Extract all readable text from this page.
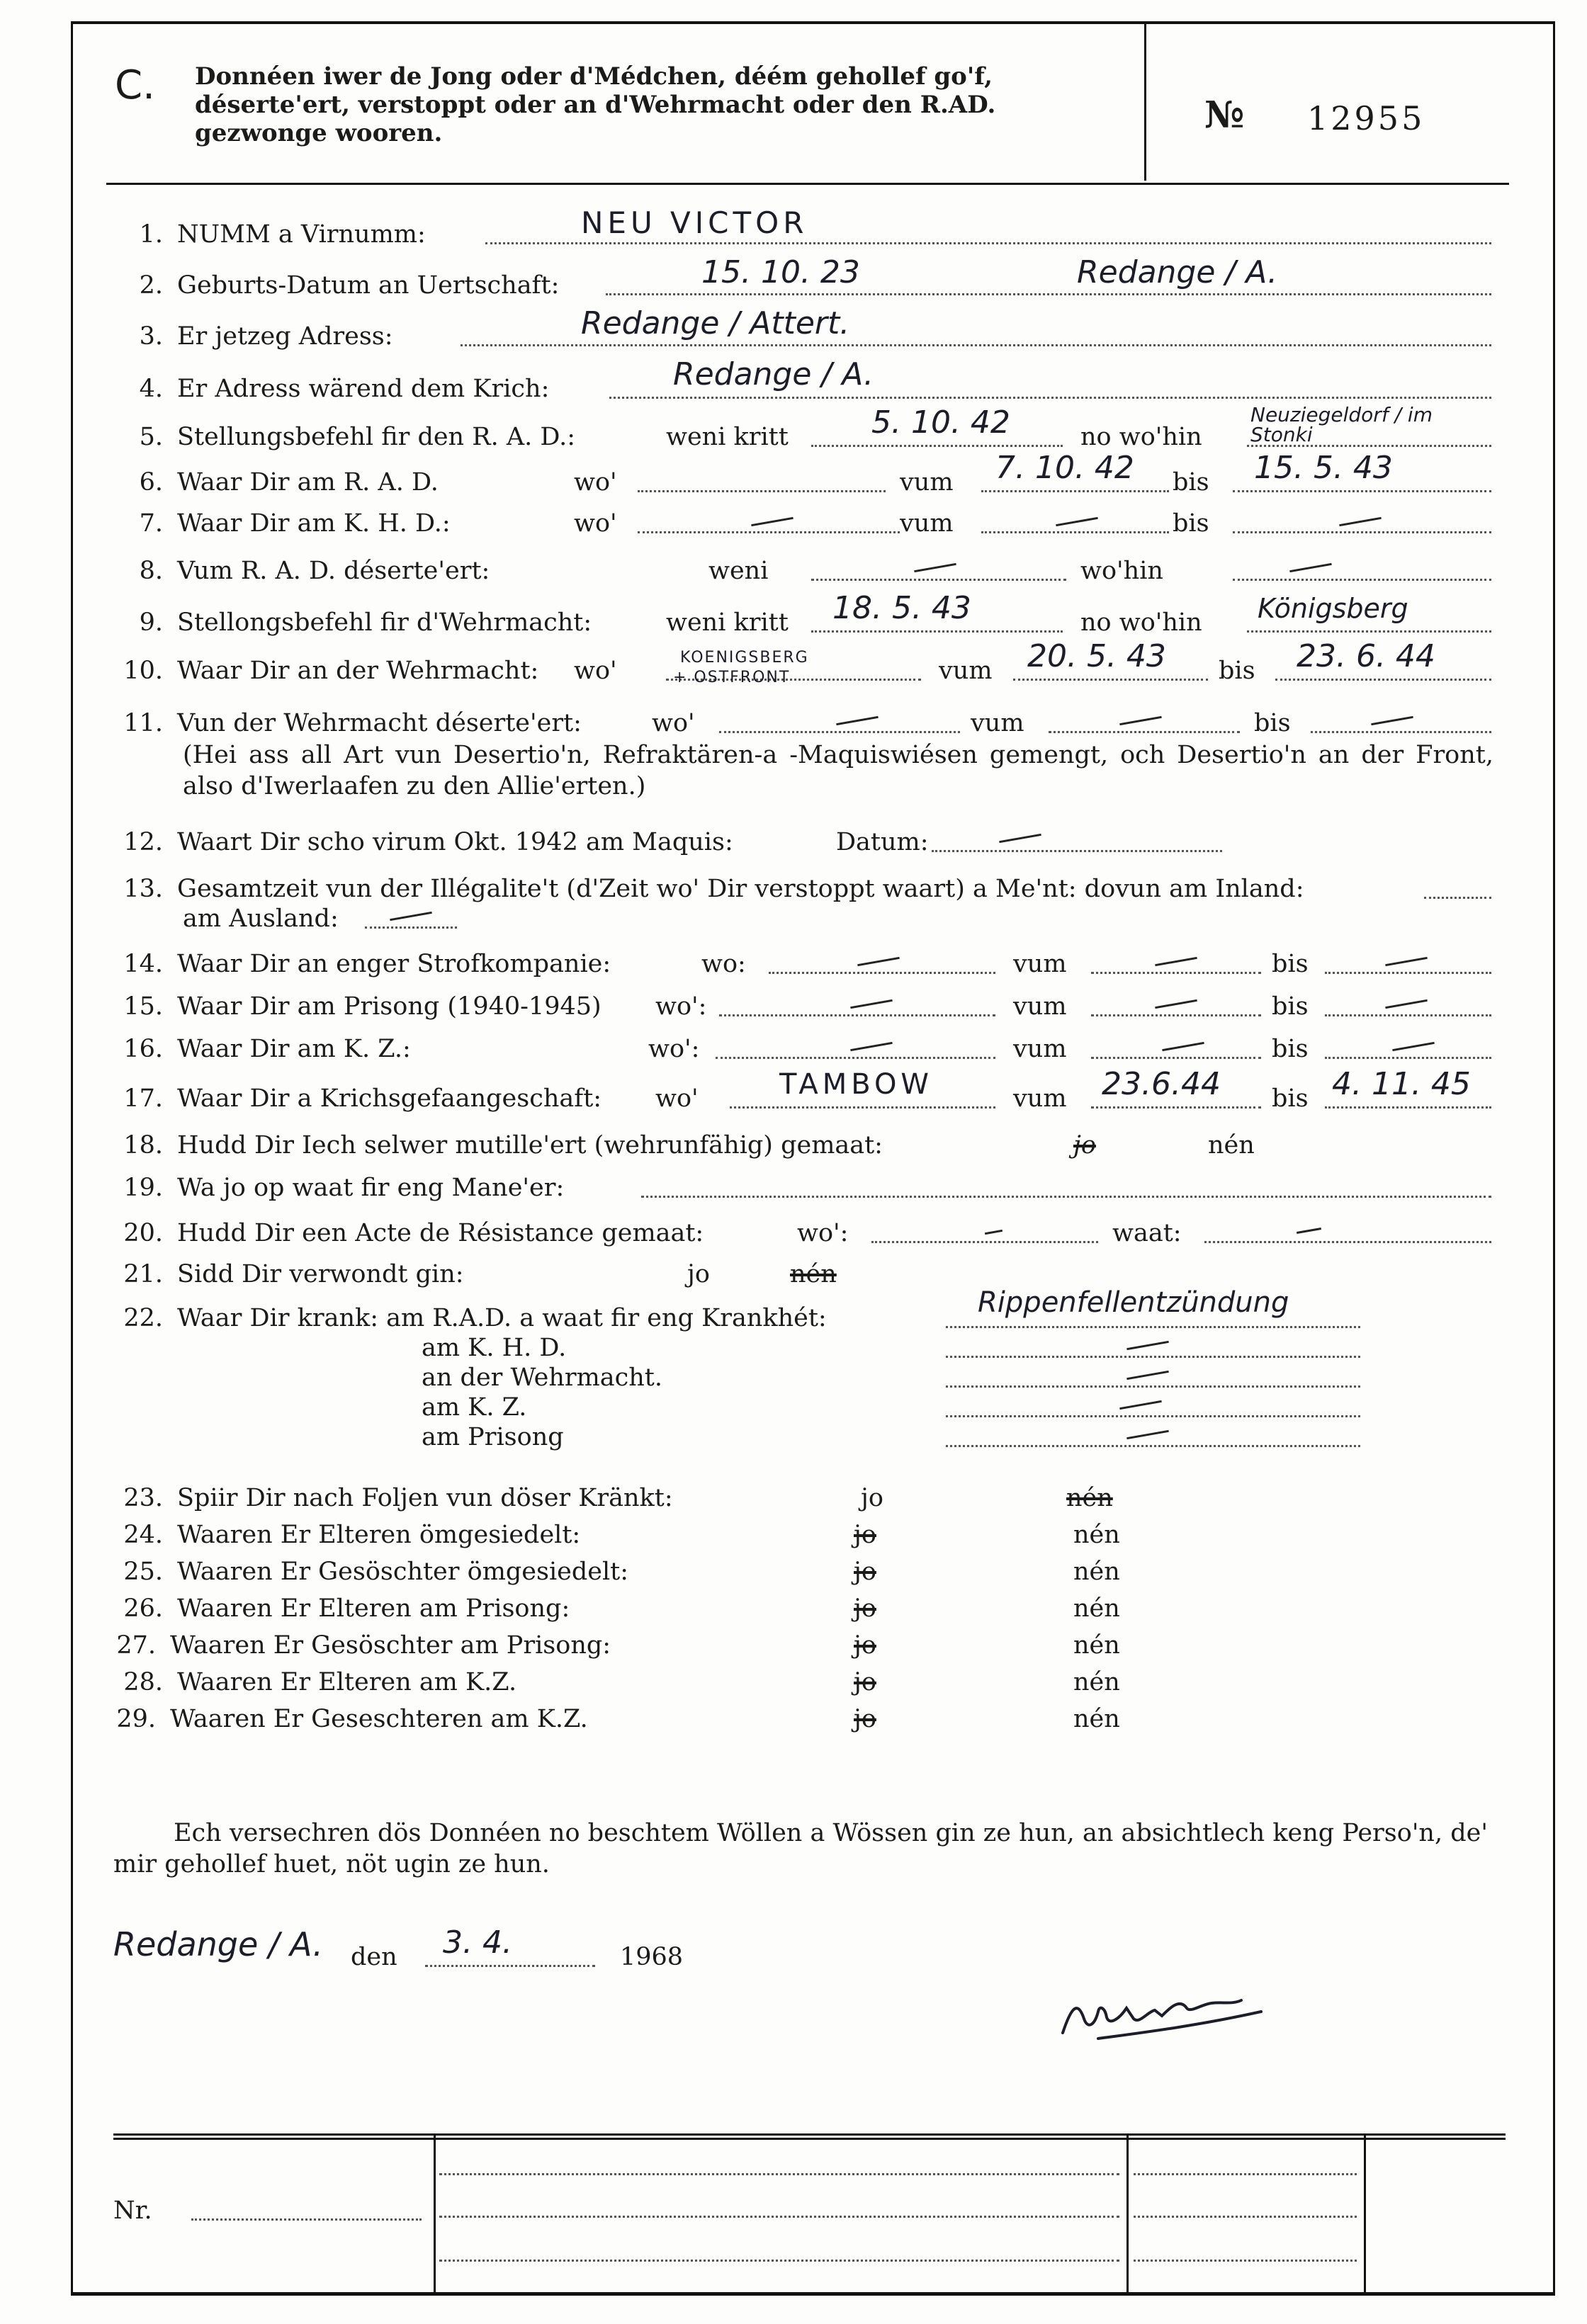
C. Donnéen iwer de Jong oder d'Médchen, déém gehollef go'f, déserte'ert, verstoppt oder an d'Wehrmacht oder den R.AD. gezwonge wooren.	№ 12955
1. NUMM a Virnumm:	NEU VICTOR
2. Geburts-Datum an Uertschaft:	15. 10. 23	Redange / A.
3. Er jetzeg Adress:	Redange / Attert.
4. Er Adress wärend dem Krich:	Redange / A.
5. Stellungsbefehl fir den R. A. D.:	weni kritt	5. 10. 42	no wo'hin
Neuziegeldorf / im Stonki
6. Waar Dir am R. A. D.	wo'	vum 7. 10. 42 bis 15. 5. 43
7. Waar Dir am K. H. D.:	wo'	vum	bis
8. Vum R. A. D. déserte'ert:	weni	wo'hin
9. Stellongsbefehl fir d'Wehrmacht:	weni kritt 18. 5. 43	no wo'hin Königsberg
10. Waar Dir an der Wehrmacht: wo'	KOENIGSBERG
+ OSTFRONT	vum 20. 5. 43 bis 23. 6. 44
11. Vun der Wehrmacht déserte'ert:	wo'	vum	bis
(Hei ass all Art vun Desertio'n, Refraktären-a -Maquiswiésen gemengt, och Desertio'n an der Front, also d'Iwerlaafen zu den Allie'erten.)
12. Waart Dir scho virum Okt. 1942 am Maquis:	Datum:
13. Gesamtzeit vun der Illégalite't (d'Zeit wo' Dir verstoppt waart) a Me'nt: dovun am Inland:
am Ausland:
14. Waar Dir an enger Strofkompanie:	wo:	vum	bis
15. Waar Dir am Prisong (1940-1945) wo':	vum	bis
16. Waar Dir am K. Z.:	wo':	vum	bis
17. Waar Dir a Krichsgefaangeschaft: wo'	TAMBOW	vum 23.6.44 bis 4. 11. 45
18. Hudd Dir Iech selwer mutille'ert (wehrunfähig) gemaat:	jo	nén
19. Wa jo op waat fir eng Mane'er:
20. Hudd Dir een Acte de Résistance gemaat:	wo':	waat:
21. Sidd Dir verwondt gin:	jo	nén
22. Waar Dir krank: am R.A.D. a waat fir eng Krankhét:	Rippenfellentzündung
am K. H. D.
an der Wehrmacht.
am K. Z.
am Prisong
23. Spiir Dir nach Foljen vun döser Kränkt:	jo	nén
24. Waaren Er Elteren ömgesiedelt:	jo	nén
25. Waaren Er Gesöschter ömgesiedelt:	jo	nén
26. Waaren Er Elteren am Prisong:	jo	nén
27. Waaren Er Gesöschter am Prisong:	jo	nén
28. Waaren Er Elteren am K.Z.	jo	nén
29. Waaren Er Geseschteren am K.Z.	jo	nén
Ech versechren dös Donnéen no beschtem Wöllen a Wössen gin ze hun, an absichtlech keng Perso'n, de' mir gehollef huet, nöt ugin ze hun.
Redange / A. den 3. 4.	1968
Nr.
